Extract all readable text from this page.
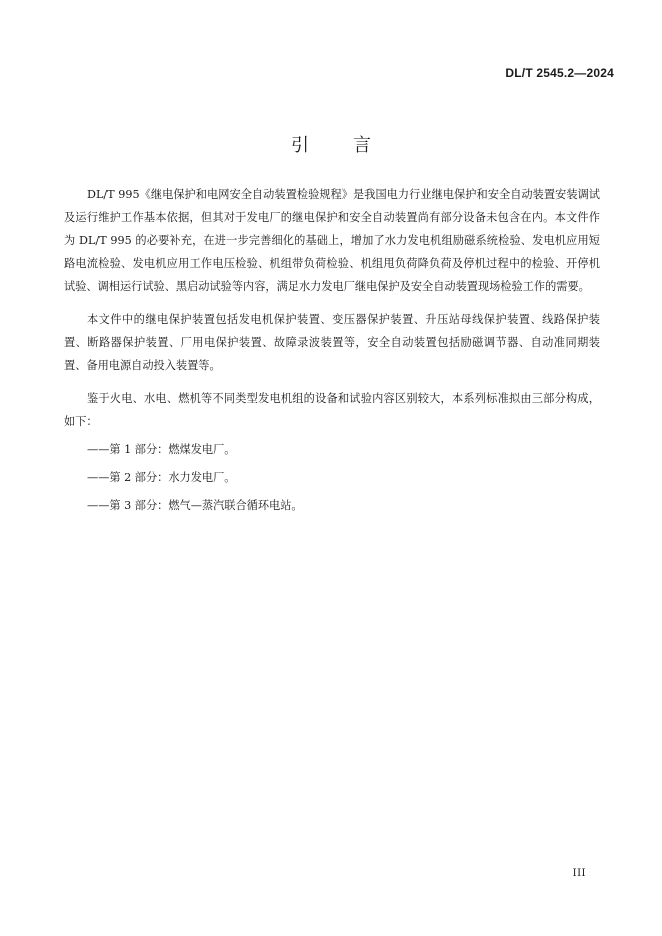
DL/T 2545.2—2024
引言

DL/T 995《继电保护和电网安全自动装置检验规程》是我国电力行业继电保护和安全自动装置安装调试及运行维护工作基本依据，但其对于发电厂的继电保护和安全自动装置尚有部分设备未包含在内。本文件作为 DL/T 995 的必要补充，在进一步完善细化的基础上，增加了水力发电机组励磁系统检验、发电机应用短路电流检验、发电机应用工作电压检验、机组带负荷检验、机组甩负荷降负荷及停机过程中的检验、开停机试验、调相运行试验、黑启动试验等内容，满足水力发电厂继电保护及安全自动装置现场检验工作的需要。

本文件中的继电保护装置包括发电机保护装置、变压器保护装置、升压站母线保护装置、线路保护装置、断路器保护装置、厂用电保护装置、故障录波装置等，安全自动装置包括励磁调节器、自动准同期装置、备用电源自动投入装置等。

鉴于火电、水电、燃机等不同类型发电机组的设备和试验内容区别较大，本系列标准拟由三部分构成，如下：

——第 1 部分：燃煤发电厂。

——第 2 部分：水力发电厂。

——第 3 部分：燃气—蒸汽联合循环电站。

III
